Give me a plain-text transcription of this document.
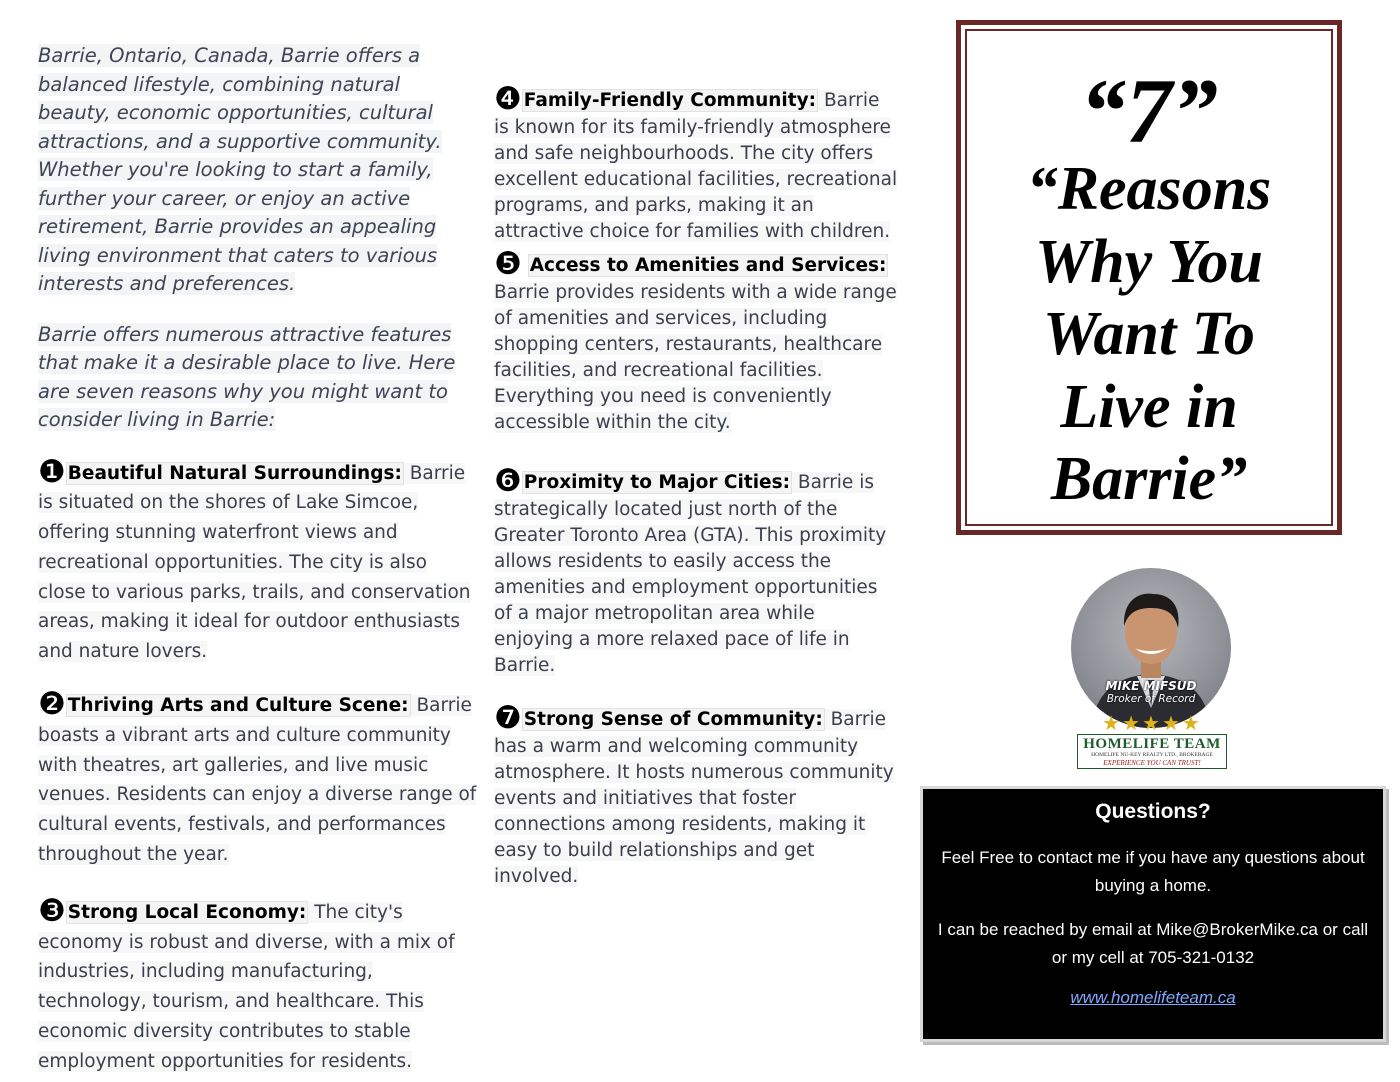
Barrie, Ontario, Canada, Barrie offers a balanced lifestyle, combining natural beauty, economic opportunities, cultural attractions, and a supportive community. Whether you're looking to start a family, further your career, or enjoy an active retirement, Barrie provides an appealing living environment that caters to various interests and preferences.

Barrie offers numerous attractive features that make it a desirable place to live. Here are seven reasons why you might want to consider living in Barrie:

❶ Beautiful Natural Surroundings: Barrie is situated on the shores of Lake Simcoe, offering stunning waterfront views and recreational opportunities. The city is also close to various parks, trails, and conservation areas, making it ideal for outdoor enthusiasts and nature lovers.

❷ Thriving Arts and Culture Scene: Barrie boasts a vibrant arts and culture community with theatres, art galleries, and live music venues. Residents can enjoy a diverse range of cultural events, festivals, and performances throughout the year.

❸ Strong Local Economy: The city's economy is robust and diverse, with a mix of industries, including manufacturing, technology, tourism, and healthcare. This economic diversity contributes to stable employment opportunities for residents.

❹ Family-Friendly Community: Barrie is known for its family-friendly atmosphere and safe neighbourhoods. The city offers excellent educational facilities, recreational programs, and parks, making it an attractive choice for families with children.

❺ Access to Amenities and Services: Barrie provides residents with a wide range of amenities and services, including shopping centers, restaurants, healthcare facilities, and recreational facilities. Everything you need is conveniently accessible within the city.

❻ Proximity to Major Cities: Barrie is strategically located just north of the Greater Toronto Area (GTA). This proximity allows residents to easily access the amenities and employment opportunities of a major metropolitan area while enjoying a more relaxed pace of life in Barrie.

❼ Strong Sense of Community: Barrie has a warm and welcoming community atmosphere. It hosts numerous community events and initiatives that foster connections among residents, making it easy to build relationships and get involved.

“7”
“Reasons
Why You
Want To
Live in
Barrie”
MIKE MIFSUD
Broker of Record
★★★★★
HOMELIFE TEAM
HOMELIFE NU-KEY REALTY LTD., BROKERAGE
EXPERIENCE YOU CAN TRUST!
Questions?

Feel Free to contact me if you have any questions about buying a home.

I can be reached by email at Mike@BrokerMike.ca or call or my cell at 705-321-0132

www.homelifeteam.ca
